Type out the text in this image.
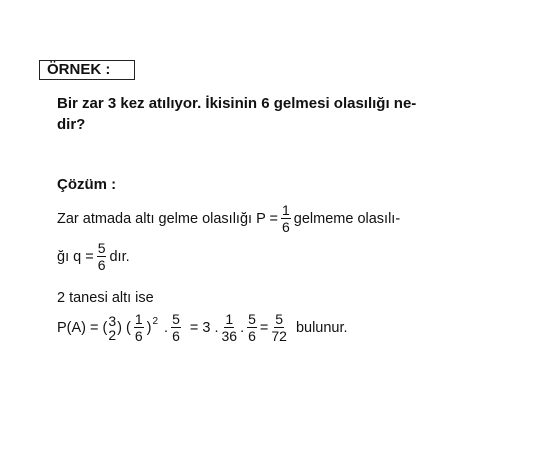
ÖRNEK :
Bir zar 3 kez atılıyor. İkisinin 6 gelmesi olasılığı ne-
dir?
Çözüm :
Zar atmada altı gelme olasılığı $P = \frac{1}{6}$ gelmeme olasılı-
ğı $q = \frac{5}{6}$ dır.
2 tanesi altı ise
P(A) = ( 3
2 ) ( $\frac{1}{6}$ ) 2 . $\frac{5}{6} = 3$ . $\frac{1}{36}$ . $\frac{5}{6} = \frac{5}{72}$ bulunur.
